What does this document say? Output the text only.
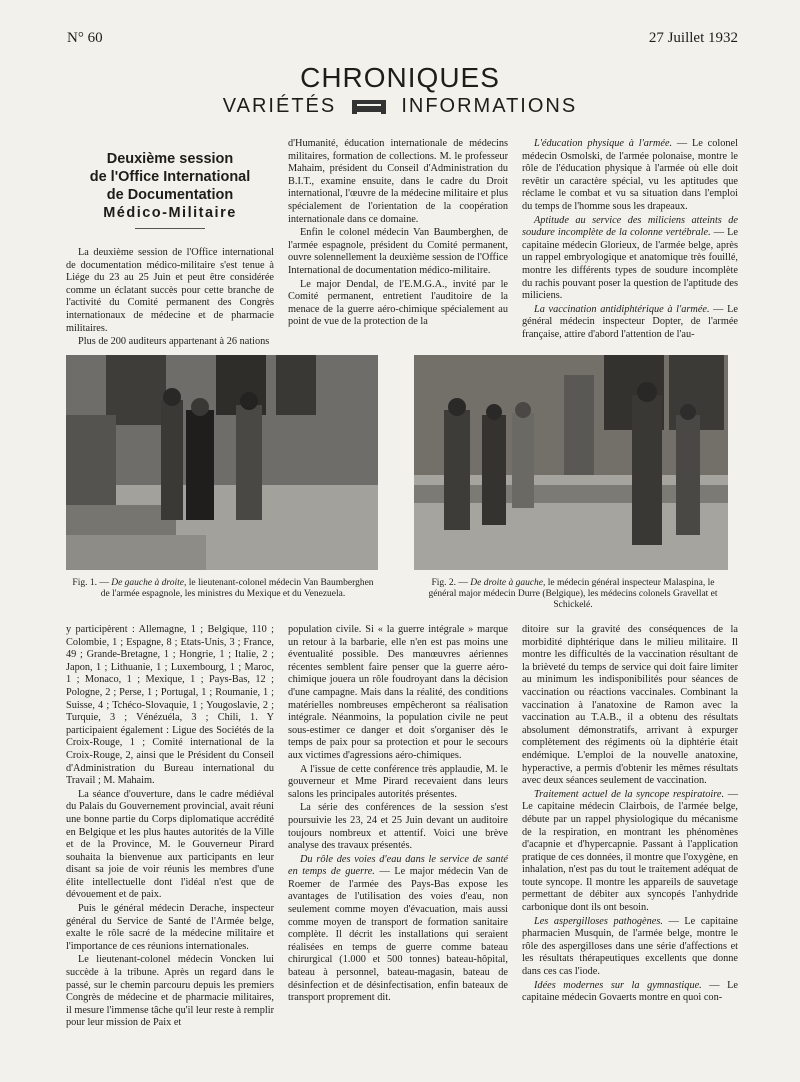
N° 60	27 Juillet 1932
CHRONIQUES
VARIÉTÉS	INFORMATIONS
Deuxième session
de l'Office International
de Documentation
Médico-Militaire

La deuxième session de l'Office international de documentation médico-militaire s'est tenue à Liége du 23 au 25 Juin et peut être considérée comme un éclatant succès pour cette branche de l'activité du Comité permanent des Congrès internationaux de médecine et de pharmacie militaires.

Plus de 200 auditeurs appartenant à 26 nations

d'Humanité, éducation internationale de médecins militaires, formation de collections. M. le professeur Mahaim, président du Conseil d'Administration du B.I.T., examine ensuite, dans le cadre du Droit international, l'œuvre de la médecine militaire et plus spécialement de l'orientation de la coopération internationale dans ce domaine.

Enfin le colonel médecin Van Baumberghen, de l'armée espagnole, président du Comité permanent, ouvre solennellement la deuxième session de l'Office International de documentation médico-militaire.

Le major Dendal, de l'E.M.G.A., invité par le Comité permanent, entretient l'auditoire de la menace de la guerre aéro-chimique spécialement au point de vue de la protection de la

L'éducation physique à l'armée. — Le colonel médecin Osmolski, de l'armée polonaise, montre le rôle de l'éducation physique à l'armée où elle doit revêtir un caractère spécial, vu les aptitudes que réclame le combat et vu sa situation dans l'emploi du temps de l'homme sous les drapeaux.

Aptitude au service des miliciens atteints de soudure incomplète de la colonne vertébrale. — Le capitaine médecin Glorieux, de l'armée belge, après un rappel embryologique et anatomique très fouillé, montre les différents types de soudure incomplète du rachis pouvant poser la question de l'aptitude des miliciens.

La vaccination antidiphtérique à l'armée. — Le général médecin inspecteur Dopter, de l'armée française, attire d'abord l'attention de l'au-

Fig. 1. — De gauche à droite, le lieutenant-colonel médecin Van Baumberghen de l'armée espagnole, les ministres du Mexique et du Venezuela.
Fig. 2. — De droite à gauche, le médecin général inspecteur Malaspina, le général major médecin Durre (Belgique), les médecins colonels Gravellat et Schickelé.

y participèrent : Allemagne, 1 ; Belgique, 110 ; Colombie, 1 ; Espagne, 8 ; Etats-Unis, 3 ; France, 49 ; Grande-Bretagne, 1 ; Hongrie, 1 ; Italie, 2 ; Japon, 1 ; Lithuanie, 1 ; Luxembourg, 1 ; Maroc, 1 ; Monaco, 1 ; Mexique, 1 ; Pays-Bas, 12 ; Pologne, 2 ; Perse, 1 ; Portugal, 1 ; Roumanie, 1 ; Suisse, 4 ; Tchéco-Slovaquie, 1 ; Yougoslavie, 2 ; Turquie, 3 ; Vénézuéla, 3 ; Chili, 1. Y participaient également : Ligue des Sociétés de la Croix-Rouge, 1 ; Comité international de la Croix-Rouge, 2, ainsi que le Président du Conseil d'Administration du Bureau international du Travail ; M. Mahaim.

La séance d'ouverture, dans le cadre médiéval du Palais du Gouvernement provincial, avait réuni une bonne partie du Corps diplomatique accrédité en Belgique et les plus hautes autorités de la Ville et de la Province, M. le Gouverneur Pirard souhaita la bienvenue aux participants en leur disant sa joie de voir réunis les membres d'une élite intellectuelle dont l'idéal n'est que de dévouement et de paix.

Puis le général médecin Derache, inspecteur général du Service de Santé de l'Armée belge, exalte le rôle sacré de la médecine militaire et l'importance de ces réunions internationales.

Le lieutenant-colonel médecin Voncken lui succède à la tribune. Après un regard dans le passé, sur le chemin parcouru depuis les premiers Congrès de médecine et de pharmacie militaires, il mesure l'immense tâche qu'il leur reste à remplir pour leur mission de Paix et

population civile. Si « la guerre intégrale » marque un retour à la barbarie, elle n'en est pas moins une éventualité possible. Des manœuvres aériennes récentes semblent faire penser que la guerre aéro-chimique jouera un rôle foudroyant dans la décision d'une campagne. Mais dans la réalité, des conditions matérielles nombreuses empêcheront sa réalisation intégrale. Néanmoins, la population civile ne peut sous-estimer ce danger et doit s'organiser dès le temps de paix pour sa protection et pour le secours aux victimes d'agressions aéro-chimiques.

A l'issue de cette conférence très applaudie, M. le gouverneur et Mme Pirard recevaient dans leurs salons les principales autorités présentes.

La série des conférences de la session s'est poursuivie les 23, 24 et 25 Juin devant un auditoire toujours nombreux et attentif. Voici une brève analyse des travaux présentés.

Du rôle des voies d'eau dans le service de santé en temps de guerre. — Le major médecin Van de Roemer de l'armée des Pays-Bas expose les avantages de l'utilisation des voies d'eau, non seulement comme moyen d'évacuation, mais aussi comme moyen de transport de formation sanitaire complète. Il décrit les installations qui seraient réalisées en temps de guerre comme bateau chirurgical (1.000 et 500 tonnes) bateau-hôpital, bateau à personnel, bateau-magasin, bateau de désinfection et de désinfectisation, enfin bateaux de transport proprement dit.

ditoire sur la gravité des conséquences de la morbidité diphtérique dans le milieu militaire. Il montre les difficultés de la vaccination résultant de la brièveté du temps de service qui doit faire limiter au minimum les indisponibilités pour séances de vaccination ou réactions vaccinales. Combinant la vaccination à l'anatoxine de Ramon avec la vaccination au T.A.B., il a obtenu des résultats absolument démonstratifs, arrivant à expurger complètement des régiments où la diphtérie était endémique. L'emploi de la nouvelle anatoxine, hyperactive, a permis d'obtenir les mêmes résultats avec deux séances seulement de vaccination.

Traitement actuel de la syncope respiratoire. — Le capitaine médecin Clairbois, de l'armée belge, débute par un rappel physiologique du mécanisme de la respiration, en montrant les phénomènes d'acapnie et d'hypercapnie. Passant à l'application pratique de ces données, il montre que l'oxygène, en inhalation, n'est pas du tout le traitement adéquat de toute syncope. Il montre les appareils de sauvetage permettant de débiter aux syncopés l'anhydride carbonique dont ils ont besoin.

Les aspergilloses pathogènes. — Le capitaine pharmacien Musquin, de l'armée belge, montre le rôle des aspergilloses dans une série d'affections et les résultats thérapeutiques excellents que donne dans ces cas l'iode.

Idées modernes sur la gymnastique. — Le capitaine médecin Govaerts montre en quoi con-
